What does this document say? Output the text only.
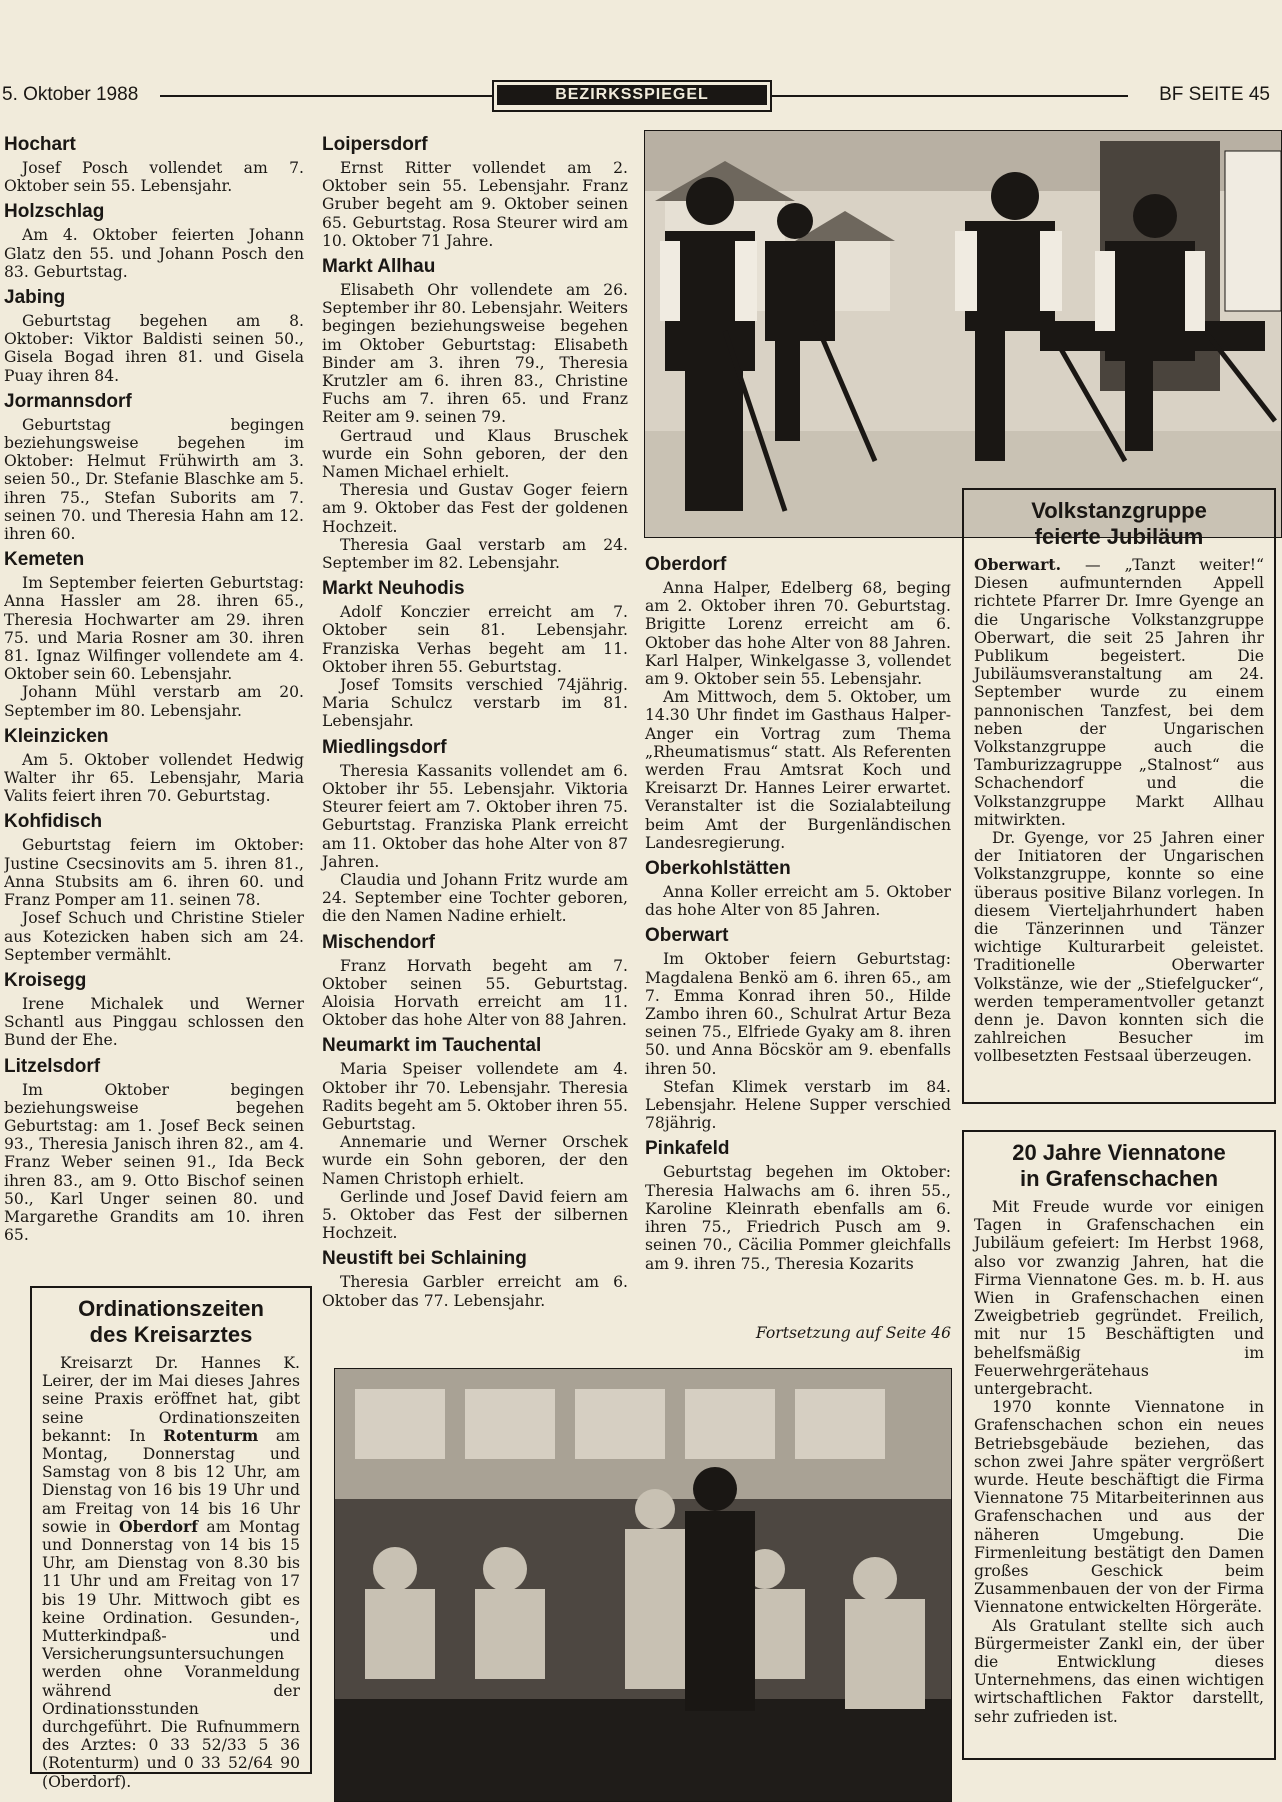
5. Oktober 1988	BEZIRKSSPIEGEL	BF SEITE 45
Hochart

Josef Posch vollendet am 7. Oktober sein 55. Lebensjahr.

Holzschlag

Am 4. Oktober feierten Johann Glatz den 55. und Johann Posch den 83. Geburtstag.

Jabing

Geburtstag begehen am 8. Oktober: Viktor Baldisti seinen 50., Gisela Bogad ihren 81. und Gisela Puay ihren 84.

Jormannsdorf

Geburtstag begingen beziehungsweise begehen im Oktober: Helmut Frühwirth am 3. seien 50., Dr. Stefanie Blaschke am 5. ihren 75., Stefan Suborits am 7. seinen 70. und Theresia Hahn am 12. ihren 60.

Kemeten

Im September feierten Geburtstag: Anna Hassler am 28. ihren 65., Theresia Hochwarter am 29. ihren 75. und Maria Rosner am 30. ihren 81. Ignaz Wilfinger vollendete am 4. Oktober sein 60. Lebensjahr.

Johann Mühl verstarb am 20. September im 80. Lebensjahr.

Kleinzicken

Am 5. Oktober vollendet Hedwig Walter ihr 65. Lebensjahr, Maria Valits feiert ihren 70. Geburtstag.

Kohfidisch

Geburtstag feiern im Oktober: Justine Csecsinovits am 5. ihren 81., Anna Stubsits am 6. ihren 60. und Franz Pomper am 11. seinen 78.

Josef Schuch und Christine Stieler aus Kotezicken haben sich am 24. September vermählt.

Kroisegg

Irene Michalek und Werner Schantl aus Pinggau schlossen den Bund der Ehe.

Litzelsdorf

Im Oktober begingen beziehungsweise begehen Geburtstag: am 1. Josef Beck seinen 93., Theresia Janisch ihren 82., am 4. Franz Weber seinen 91., Ida Beck ihren 83., am 9. Otto Bischof seinen 50., Karl Unger seinen 80. und Margarethe Grandits am 10. ihren 65.

Loipersdorf

Ernst Ritter vollendet am 2. Oktober sein 55. Lebensjahr. Franz Gruber begeht am 9. Oktober seinen 65. Geburtstag. Rosa Steurer wird am 10. Oktober 71 Jahre.

Markt Allhau

Elisabeth Ohr vollendete am 26. September ihr 80. Lebensjahr. Weiters begingen beziehungsweise begehen im Oktober Geburtstag: Elisabeth Binder am 3. ihren 79., Theresia Krutzler am 6. ihren 83., Christine Fuchs am 7. ihren 65. und Franz Reiter am 9. seinen 79.

Gertraud und Klaus Bruschek wurde ein Sohn geboren, der den Namen Michael erhielt.

Theresia und Gustav Goger feiern am 9. Oktober das Fest der goldenen Hochzeit.

Theresia Gaal verstarb am 24. September im 82. Lebensjahr.

Markt Neuhodis

Adolf Konczier erreicht am 7. Oktober sein 81. Lebensjahr. Franziska Verhas begeht am 11. Oktober ihren 55. Geburtstag.

Josef Tomsits verschied 74jährig. Maria Schulcz verstarb im 81. Lebensjahr.

Miedlingsdorf

Theresia Kassanits vollendet am 6. Oktober ihr 55. Lebensjahr. Viktoria Steurer feiert am 7. Oktober ihren 75. Geburtstag. Franziska Plank erreicht am 11. Oktober das hohe Alter von 87 Jahren.

Claudia und Johann Fritz wurde am 24. September eine Tochter geboren, die den Namen Nadine erhielt.

Mischendorf

Franz Horvath begeht am 7. Oktober seinen 55. Geburtstag. Aloisia Horvath erreicht am 11. Oktober das hohe Alter von 88 Jahren.

Neumarkt im Tauchental

Maria Speiser vollendete am 4. Oktober ihr 70. Lebensjahr. Theresia Radits begeht am 5. Oktober ihren 55. Geburtstag.

Annemarie und Werner Orschek wurde ein Sohn geboren, der den Namen Christoph erhielt.

Gerlinde und Josef David feiern am 5. Oktober das Fest der silbernen Hochzeit.

Neustift bei Schlaining

Theresia Garbler erreicht am 6. Oktober das 77. Lebensjahr.

Oberdorf

Anna Halper, Edelberg 68, beging am 2. Oktober ihren 70. Geburtstag. Brigitte Lorenz erreicht am 6. Oktober das hohe Alter von 88 Jahren. Karl Halper, Winkelgasse 3, vollendet am 9. Oktober sein 55. Lebensjahr.

Am Mittwoch, dem 5. Oktober, um 14.30 Uhr findet im Gasthaus Halper-Anger ein Vortrag zum Thema „Rheumatismus“ statt. Als Referenten werden Frau Amtsrat Koch und Kreisarzt Dr. Hannes Leirer erwartet. Veranstalter ist die Sozialabteilung beim Amt der Burgenländischen Landesregierung.

Oberkohlstätten

Anna Koller erreicht am 5. Oktober das hohe Alter von 85 Jahren.

Oberwart

Im Oktober feiern Geburtstag: Magdalena Benkö am 6. ihren 65., am 7. Emma Konrad ihren 50., Hilde Zambo ihren 60., Schulrat Artur Beza seinen 75., Elfriede Gyaky am 8. ihren 50. und Anna Böcskör am 9. ebenfalls ihren 50.

Stefan Klimek verstarb im 84. Lebensjahr. Helene Supper verschied 78jährig.

Pinkafeld

Geburtstag begehen im Oktober: Theresia Halwachs am 6. ihren 55., Karoline Kleinrath ebenfalls am 6. ihren 75., Friedrich Pusch am 9. seinen 70., Cäcilia Pommer gleichfalls am 9. ihren 75., Theresia Kozarits

Fortsetzung auf Seite 46
Volkstanzgruppe
feierte Jubiläum

Oberwart. — „Tanzt weiter!“ Diesen aufmunternden Appell richtete Pfarrer Dr. Imre Gyenge an die Ungarische Volkstanzgruppe Oberwart, die seit 25 Jahren ihr Publikum begeistert. Die Jubiläumsveranstaltung am 24. September wurde zu einem pannonischen Tanzfest, bei dem neben der Ungarischen Volkstanzgruppe auch die Tamburizzagruppe „Stalnost“ aus Schachendorf und die Volkstanzgruppe Markt Allhau mitwirkten.

Dr. Gyenge, vor 25 Jahren einer der Initiatoren der Ungarischen Volkstanzgruppe, konnte so eine überaus positive Bilanz vorlegen. In diesem Vierteljahrhundert haben die Tänzerinnen und Tänzer wichtige Kulturarbeit geleistet. Traditionelle Oberwarter Volkstänze, wie der „Stiefelgucker“, werden temperamentvoller getanzt denn je. Davon konnten sich die zahlreichen Besucher im vollbesetzten Festsaal überzeugen.

20 Jahre Viennatone
in Grafenschachen

Mit Freude wurde vor einigen Tagen in Grafenschachen ein Jubiläum gefeiert: Im Herbst 1968, also vor zwanzig Jahren, hat die Firma Viennatone Ges. m. b. H. aus Wien in Grafenschachen einen Zweigbetrieb gegründet. Freilich, mit nur 15 Beschäftigten und behelfsmäßig im Feuerwehrgerätehaus untergebracht.

1970 konnte Viennatone in Grafenschachen schon ein neues Betriebsgebäude beziehen, das schon zwei Jahre später vergrößert wurde. Heute beschäftigt die Firma Viennatone 75 Mitarbeiterinnen aus Grafenschachen und aus der näheren Umgebung. Die Firmenleitung bestätigt den Damen großes Geschick beim Zusammenbauen der von der Firma Viennatone entwickelten Hörgeräte.

Als Gratulant stellte sich auch Bürgermeister Zankl ein, der über die Entwicklung dieses Unternehmens, das einen wichtigen wirtschaftlichen Faktor darstellt, sehr zufrieden ist.

Ordinationszeiten
des Kreisarztes

Kreisarzt Dr. Hannes K. Leirer, der im Mai dieses Jahres seine Praxis eröffnet hat, gibt seine Ordinationszeiten bekannt: In Rotenturm am Montag, Donnerstag und Samstag von 8 bis 12 Uhr, am Dienstag von 16 bis 19 Uhr und am Freitag von 14 bis 16 Uhr sowie in Oberdorf am Montag und Donnerstag von 14 bis 15 Uhr, am Dienstag von 8.30 bis 11 Uhr und am Freitag von 17 bis 19 Uhr. Mittwoch gibt es keine Ordination. Gesunden-, Mutterkindpaß- und Versicherungsuntersuchungen werden ohne Voranmeldung während der Ordinationsstunden durchgeführt. Die Rufnummern des Arztes: 0 33 52/33 5 36 (Rotenturm) und 0 33 52/64 90 (Oberdorf).
